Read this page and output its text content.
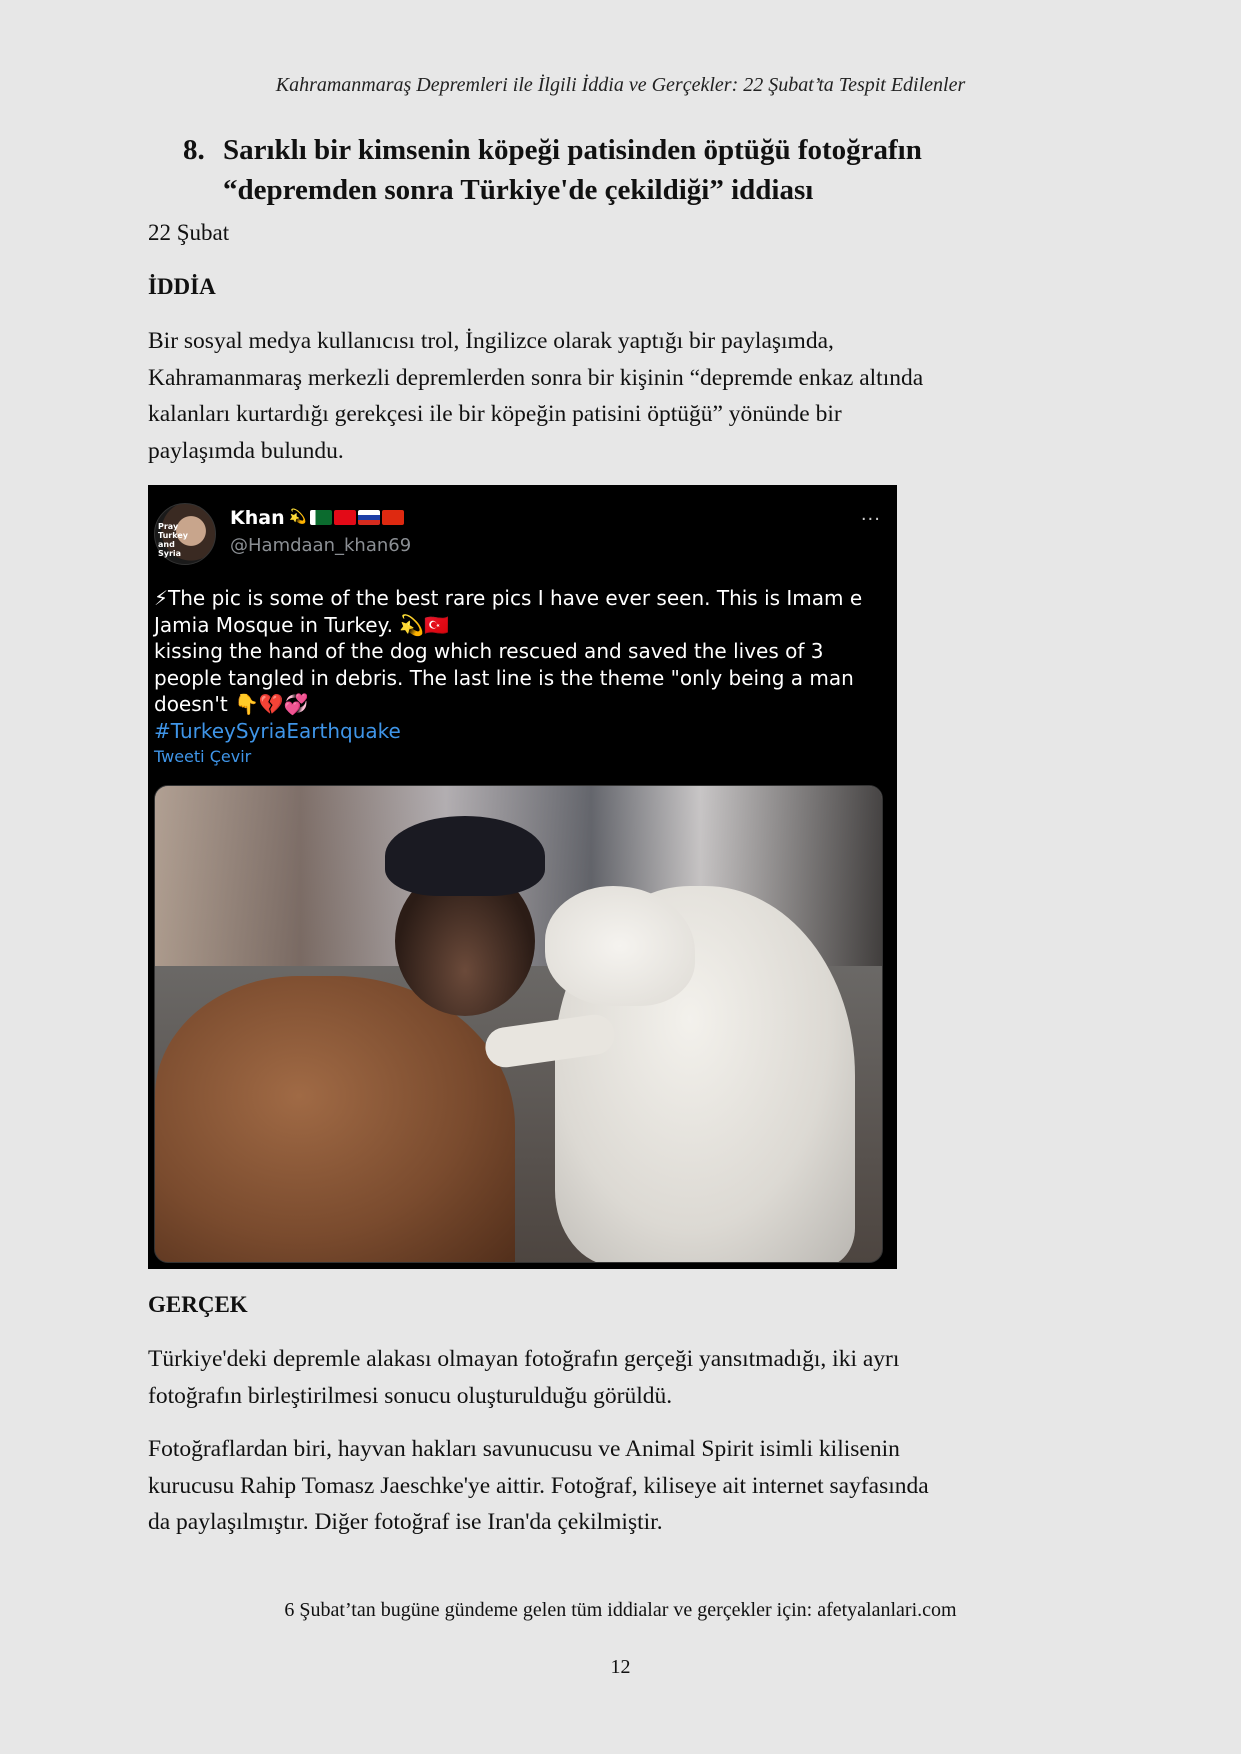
Kahramanmaraş Depremleri ile İlgili İddia ve Gerçekler: 22 Şubat’ta Tespit Edilenler
8. Sarıklı bir kimsenin köpeği patisinden öptüğü fotoğrafın
“depremden sonra Türkiye'de çekildiği” iddiası
22 Şubat
İDDİA

Bir sosyal medya kullanıcısı trol, İngilizce olarak yaptığı bir paylaşımda,
Kahramanmaraş merkezli depremlerden sonra bir kişinin “depremde enkaz altında
kalanları kurtardığı gerekçesi ile bir köpeğin patisini öptüğü” yönünde bir
paylaşımda bulundu.

Pray
Turkey
and
Syria
Khan 💫
@Hamdaan_khan69
···

⚡The pic is some of the best rare pics I have ever seen. This is Imam e
Jamia Mosque in Turkey. 💫🇹🇷
kissing the hand of the dog which rescued and saved the lives of 3
people tangled in debris. The last line is the theme "only being a man
doesn't 👇💔💞
#TurkeySyriaEarthquake

Tweeti Çevir
GERÇEK

Türkiye'deki depremle alakası olmayan fotoğrafın gerçeği yansıtmadığı, iki ayrı
fotoğrafın birleştirilmesi sonucu oluşturulduğu görüldü.

Fotoğraflardan biri, hayvan hakları savunucusu ve Animal Spirit isimli kilisenin
kurucusu Rahip Tomasz Jaeschke'ye aittir. Fotoğraf, kiliseye ait internet sayfasında
da paylaşılmıştır. Diğer fotoğraf ise Iran'da çekilmiştir.

6 Şubat’tan bugüne gündeme gelen tüm iddialar ve gerçekler için: afetyalanlari.com
12
